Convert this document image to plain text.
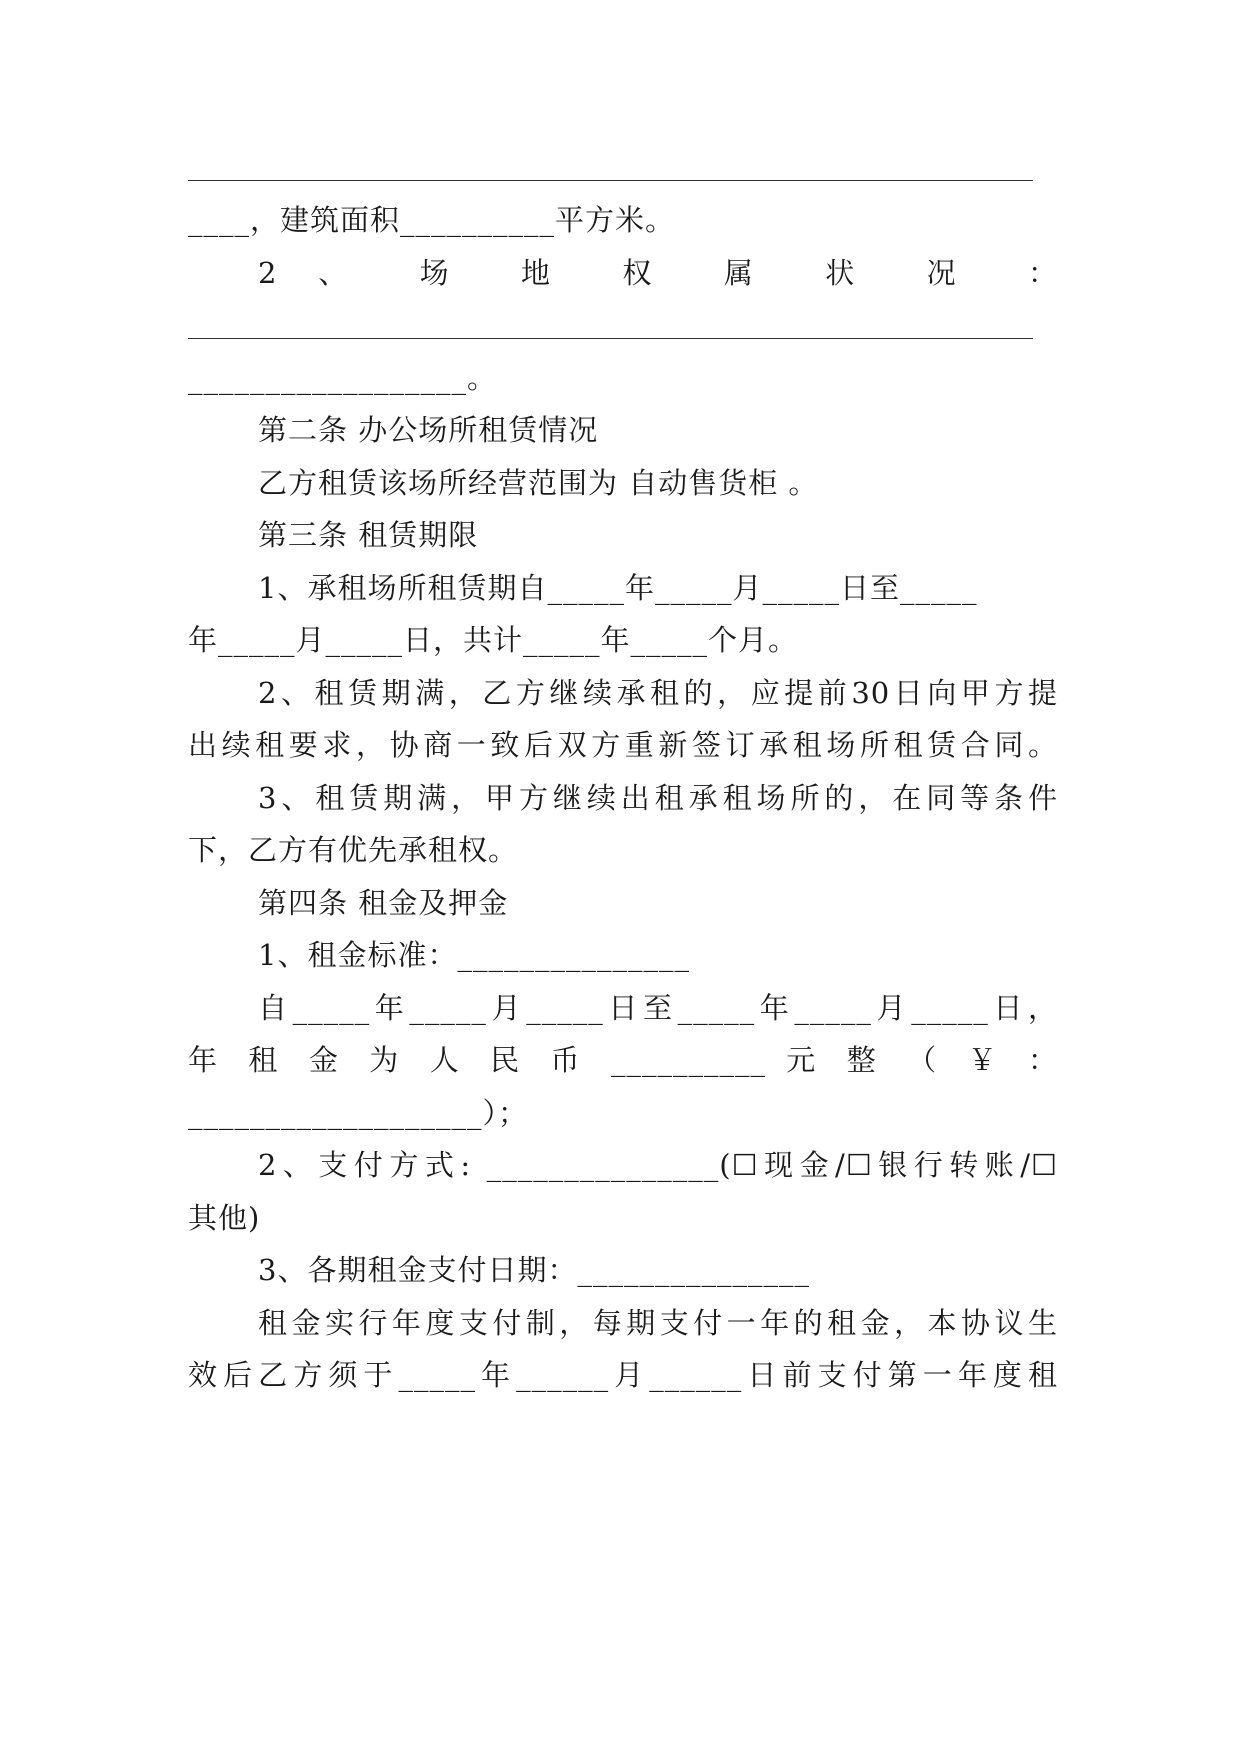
____，建筑面积__________平方米。
2 、 场 地 权 属 状 况 ：
__________________。
第二条 办公场所租赁情况
乙方租赁该场所经营范围为 自动售货柜 。
第三条 租赁期限
1、承租场所租赁期自_____年_____月_____日至_____
年_____月_____日，共计_____年_____个月。
2、租赁期满，乙方继续承租的，应提前30日向甲方提
出续租要求，协商一致后双方重新签订承租场所租赁合同。
3、租赁期满，甲方继续出租承租场所的，在同等条件
下，乙方有优先承租权。
第四条 租金及押金
1、租金标准：_______________
自_____年_____月_____日至_____年_____月_____日，
年 租 金 为 人 民 币 __________ 元 整 （ ￥ ：
___________________）；
2、支付方式: _______________(☐现金/☐银行转账/☐
其他)
3、各期租金支付日期：_______________
租金实行年度支付制，每期支付一年的租金，本协议生
效后乙方须于_____年______月______日前支付第一年度租
